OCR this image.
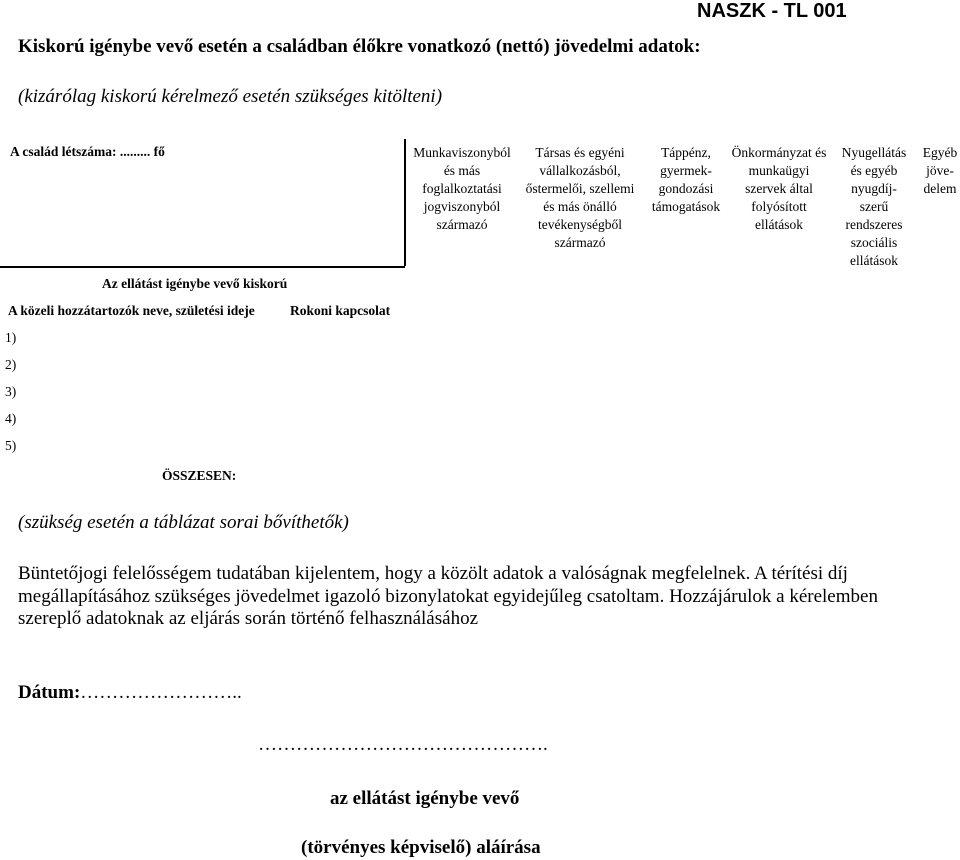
NASZK - TL 001
Kiskorú igénybe vevő esetén a családban élőkre vonatkozó (nettó) jövedelmi adatok:
(kizárólag kiskorú kérelmező esetén szükséges kitölteni)
A család létszáma: ......... fő	Munkaviszonyból
és más
foglalkoztatási
jogviszonyból
származó
Társas és egyéni
vállalkozásból,
őstermelői, szellemi
és más önálló
tevékenységből
származó
Táppénz,
gyermek-
gondozási
támogatások
Önkormányzat és
munkaügyi
szervek által
folyósított
ellátások
Nyugellátás
és egyéb
nyugdíj-
szerű
rendszeres
szociális
ellátások
Egyéb
jöve-
delem
Az ellátást igénybe vevő kiskorú
A közeli hozzátartozók neve, születési ideje	Rokoni kapcsolat
1)
2)
3)
4)
5)
ÖSSZESEN:
(szükség esetén a táblázat sorai bővíthetők)
Büntetőjogi felelősségem tudatában kijelentem, hogy a közölt adatok a valóságnak megfelelnek. A térítési díj megállapításához szükséges jövedelmet igazoló bizonylatokat egyidejűleg csatoltam. Hozzájárulok a kérelemben szereplő adatoknak az eljárás során történő felhasználásához
Dátum:……………………..
……………………………………….
az ellátást igénybe vevő
(törvényes képviselő) aláírása
